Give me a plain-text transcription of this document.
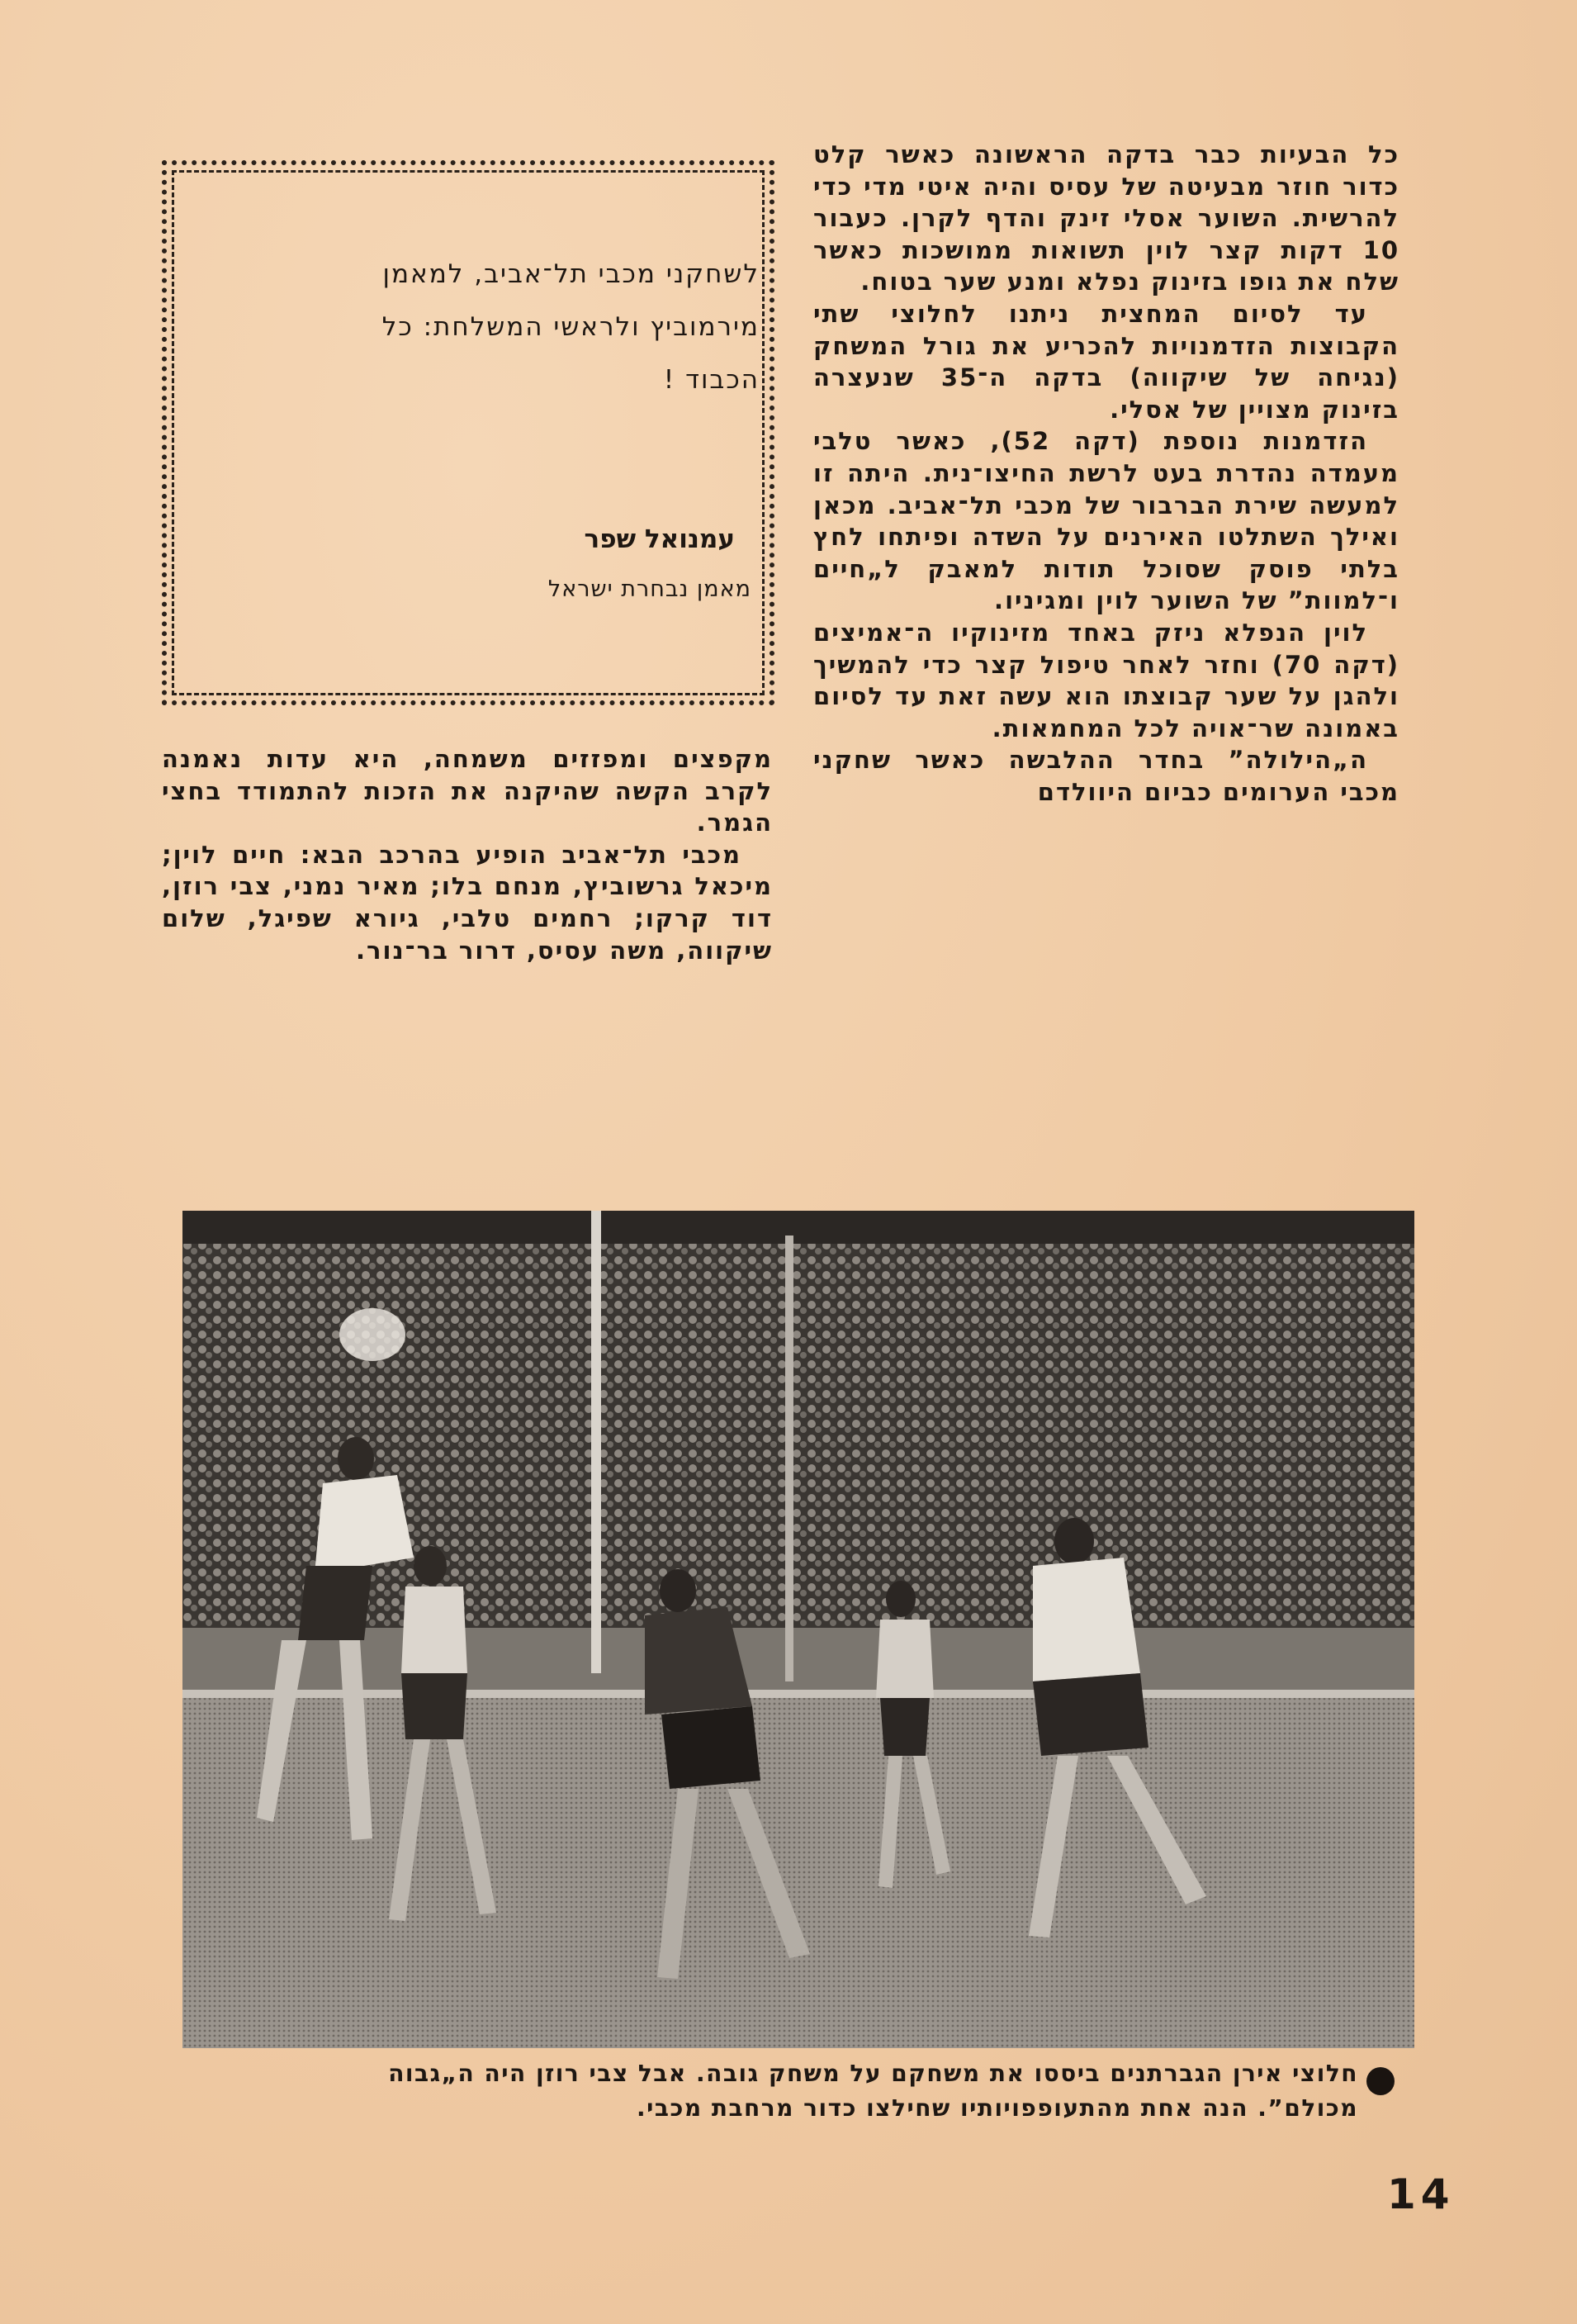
כל הבעיות כבר בדקה הראשונה כאשר קלט כדור חוזר מבעיטה של עסיס והיה איטי מדי כדי להרשית. השוער אסלי זינק והדף לקרן. כעבור 10 דקות קצר לוין תשואות ממושכות כאשר שלח את גופו בזינוק נפלא ומנע שער בטוח.

עד לסיום המחצית ניתנו לחלוצי שתי הקבוצות הזדמנויות להכריע את גורל המשחק (נגיחה של שיקווה) בדקה ה־35 שנעצרה בזינוק מצויין של אסלי.

הזדמנות נוספת (דקה 52), כאשר טלבי מעמדה נהדרת בעט לרשת החיצו־נית. היתה זו למעשה שירת הברבור של מכבי תל־אביב. מכאן ואילך השתלטו האירנים על השדה ופיתחו לחץ בלתי פוסק שסוכל תודות למאבק ל„חיים ו־למוות” של השוער לוין ומגיניו.

לוין הנפלא ניזק באחד מזינוקיו ה־אמיצים (דקה 70) וחזר לאחר טיפול קצר כדי להמשיך ולהגן על שער קבוצתו הוא עשה זאת עד לסיום באמונה שר־אויה לכל המחמאות.

ה„הילולה” בחדר ההלבשה כאשר שחקני מכבי הערומים כביום היוולדם

לשחקני מכבי תל־אביב, למאמן
מירמוביץ ולראשי המשלחת: כל
הכבוד !
עמנואל שפר
מאמן נבחרת ישראל

מקפצים ומפזזים משמחה, היא עדות נאמנה לקרב הקשה שהיקנה את הזכות להתמודד בחצי הגמר.

מכבי תל־אביב הופיע בהרכב הבא: חיים לוין; מיכאל גרשוביץ, מנחם בלו; מאיר נמני, צבי רוזן, דוד קרקו; רחמים טלבי, גיורא שפיגל, שלום שיקווה, משה עסיס, דרור בר־נור.

חלוצי אירן הגברתנים ביססו את משחקם על משחק גובה. אבל צבי רוזן היה ה„גבוה
מכולם”. הנה אחת מהתעופפויותיו שחילצו כדור מרחבת מכבי.
14
